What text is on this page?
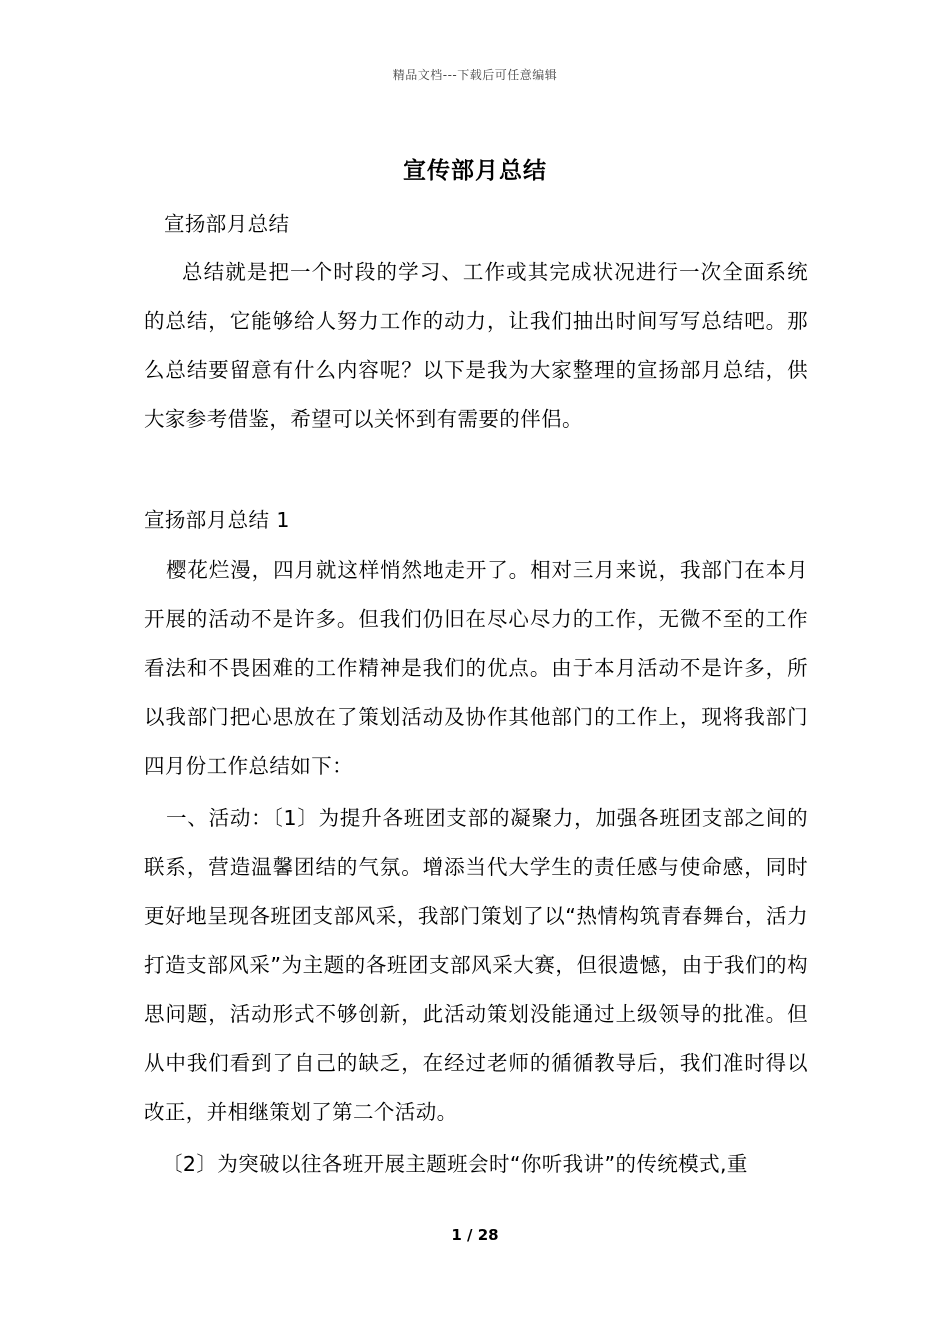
精品文档---下载后可任意编辑
宣传部月总结

宣扬部月总结

总结就是把一个时段的学习、工作或其完成状况进行一次全面系统的总结，它能够给人努力工作的动力，让我们抽出时间写写总结吧。那么总结要留意有什么内容呢？以下是我为大家整理的宣扬部月总结，供大家参考借鉴，希望可以关怀到有需要的伴侣。

宣扬部月总结 1

樱花烂漫，四月就这样悄然地走开了。相对三月来说，我部门在本月开展的活动不是许多。但我们仍旧在尽心尽力的工作，无微不至的工作看法和不畏困难的工作精神是我们的优点。由于本月活动不是许多，所以我部门把心思放在了策划活动及协作其他部门的工作上，现将我部门四月份工作总结如下：

一、活动：〔1〕为提升各班团支部的凝聚力，加强各班团支部之间的联系，营造温馨团结的气氛。增添当代大学生的责任感与使命感，同时更好地呈现各班团支部风采，我部门策划了以“热情构筑青春舞台，活力打造支部风采”为主题的各班团支部风采大赛，但很遗憾，由于我们的构思问题，活动形式不够创新，此活动策划没能通过上级领导的批准。但从中我们看到了自己的缺乏，在经过老师的循循教导后，我们准时得以改正，并相继策划了第二个活动。

〔2〕为突破以往各班开展主题班会时“你听我讲”的传统模式,重

1 / 28
